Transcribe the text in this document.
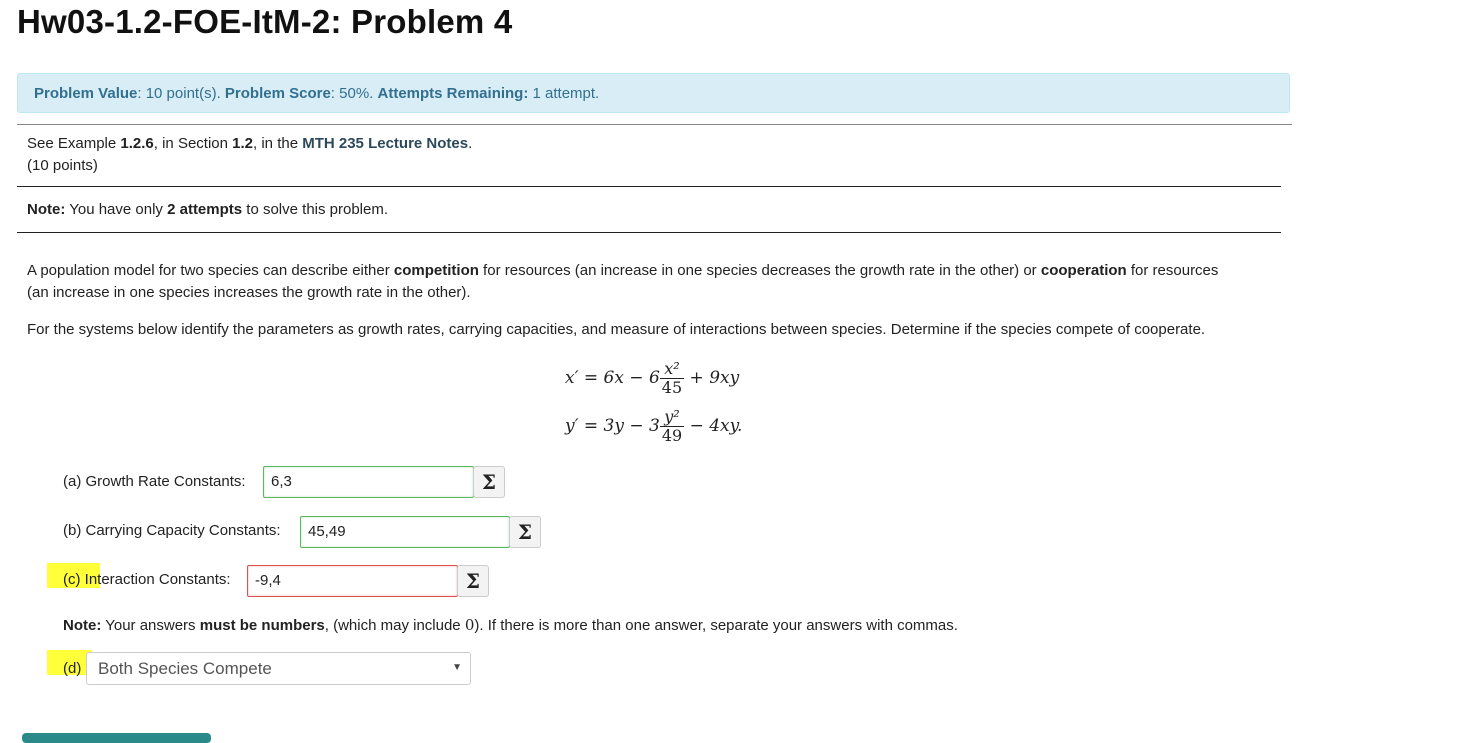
Hw03-1.2-FOE-ItM-2: Problem 4
Problem Value: 10 point(s). Problem Score: 50%. Attempts Remaining: 1 attempt.
See Example 1.2.6, in Section 1.2, in the MTH 235 Lecture Notes.
(10 points)
Note: You have only 2 attempts to solve this problem.
A population model for two species can describe either competition for resources (an increase in one species decreases the growth rate in the other) or cooperation for resources
(an increase in one species increases the growth rate in the other).
For the systems below identify the parameters as growth rates, carrying capacities, and measure of interactions between species. Determine if the species compete of cooperate.
$x' = 6x - 6 \frac{\text{x²}}{45} + 9xy$
$y' = 3y - 3 \frac{\text{y²}}{49} - 4xy$.
(a) Growth Rate Constants:	6,3	Σ
(b) Carrying Capacity Constants:	45,49	Σ
(c) Interaction Constants:	-9,4	Σ
Note: Your answers must be numbers, (which may include 0). If there is more than one answer, separate your answers with commas.
(d) Both Species Compete	▼
